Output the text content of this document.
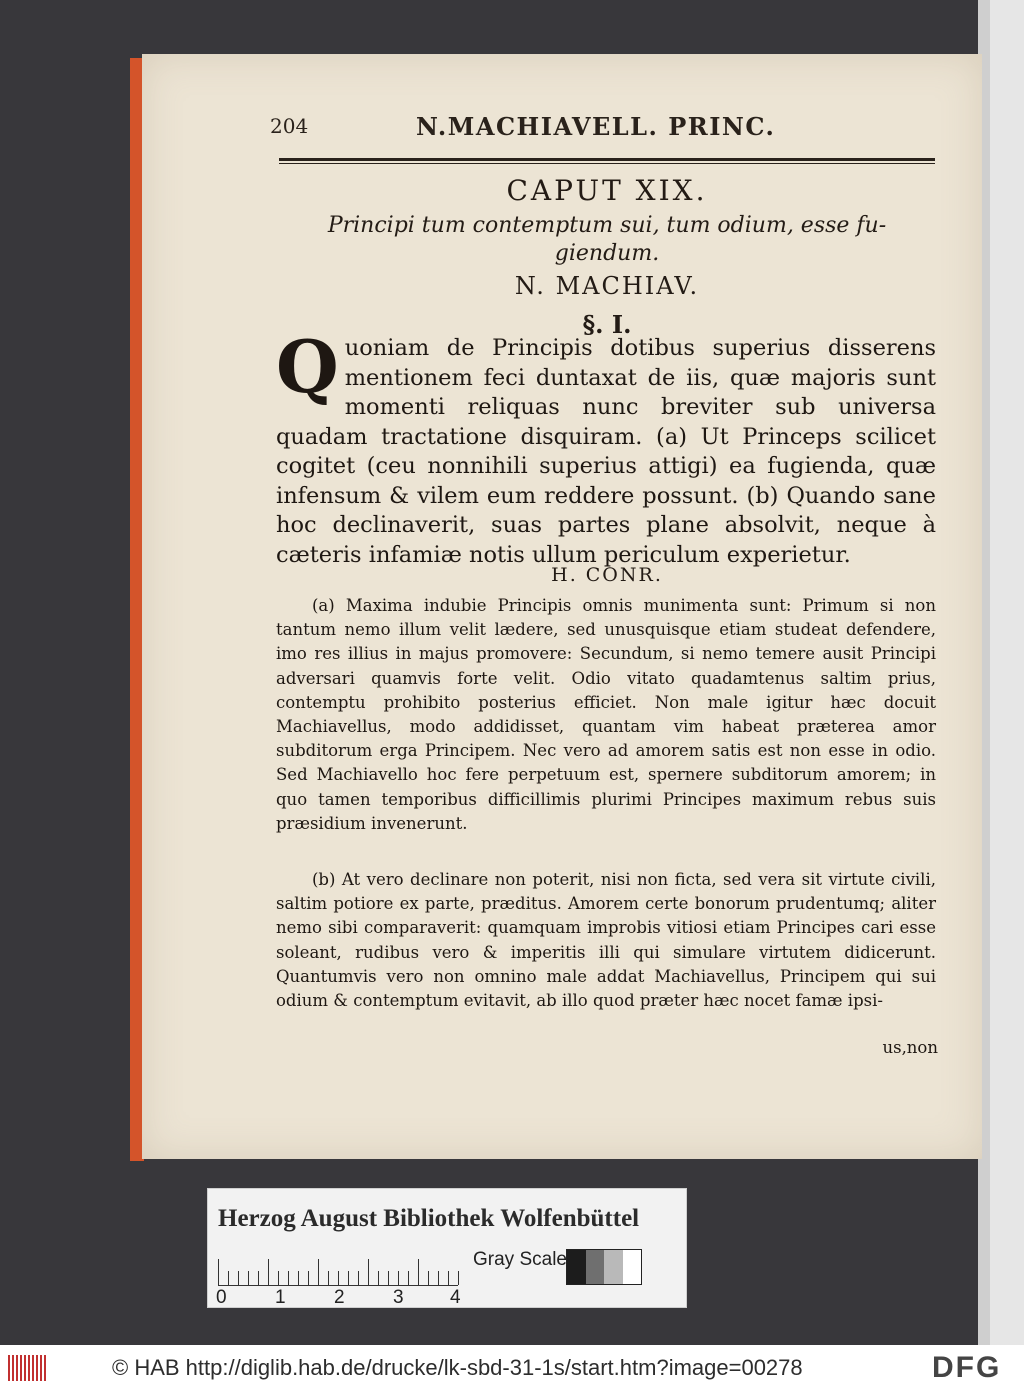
204	N.MACHIAVELL. PRINC.
CAPUT XIX.
Principi tum contemptum sui, tum odium, esse fu-
giendum.
N. MACHIAV.
§. I.
Q uoniam de Principis dotibus superius disserens mentionem feci duntaxat de iis, quæ majoris sunt momenti reliquas nunc breviter sub universa quadam tractatione disquiram. (a) Ut Princeps scilicet cogitet (ceu nonnihili superius attigi) ea fugienda, quæ infensum & vilem eum reddere possunt. (b) Quando sane hoc declinaverit, suas partes plane absolvit, neque à cæteris infamiæ notis ullum periculum experietur.
H. CONR.
(a) Maxima indubie Principis omnis munimenta sunt: Primum si non tantum nemo illum velit lædere, sed unusquisque etiam studeat defendere, imo res illius in majus promovere: Secundum, si nemo temere ausit Principi adversari quamvis forte velit. Odio vitato quadamtenus saltim prius, contemptu prohibito posterius efficiet. Non male igitur hæc docuit Machiavellus, modo addidisset, quantam vim habeat præterea amor subditorum erga Principem. Nec vero ad amorem satis est non esse in odio. Sed Machiavello hoc fere perpetuum est, spernere subditorum amorem; in quo tamen temporibus difficillimis plurimi Principes maximum rebus suis præsidium invenerunt.
(b) At vero declinare non poterit, nisi non ficta, sed vera sit virtute civili, saltim potiore ex parte, præditus. Amorem certe bonorum prudentumq; aliter nemo sibi comparaverit: quamquam improbis vitiosi etiam Principes cari esse soleant, rudibus vero & imperitis illi qui simulare virtutem didicerunt. Quantumvis vero non omnino male addat Machiavellus, Principem qui sui odium & contemptum evitavit, ab illo quod præter hæc nocet famæ ipsi-
us,non
Herzog August Bibliothek Wolfenbüttel
0	1	2	3 4
Gray Scale
© HAB http://diglib.hab.de/drucke/lk-sbd-31-1s/start.htm?image=00278	DFG
